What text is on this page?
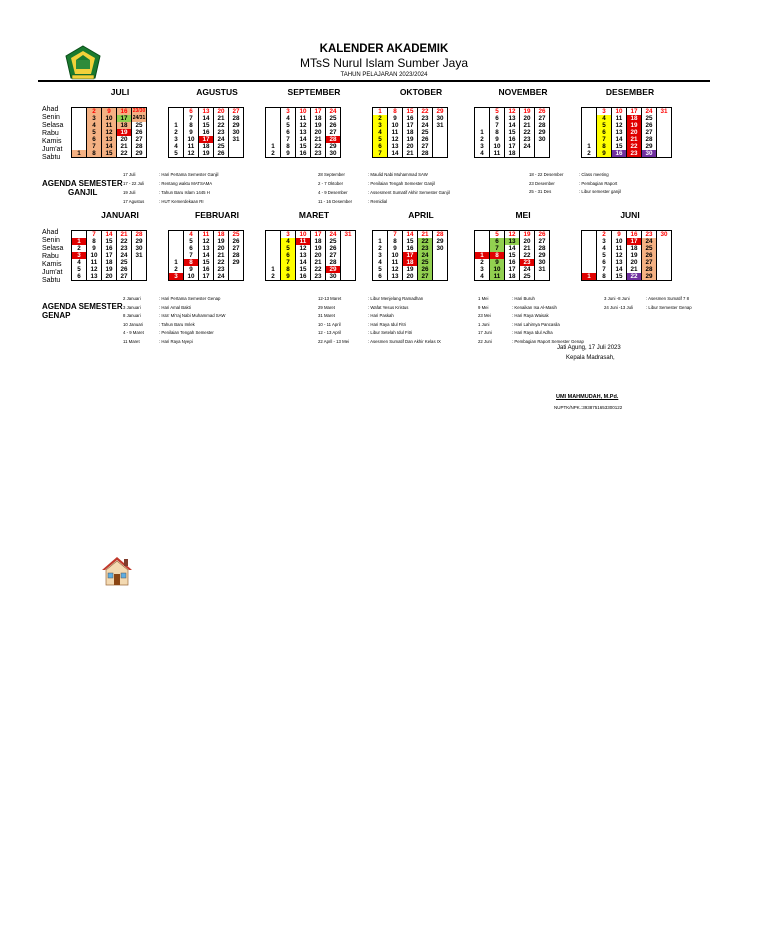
KALENDER AKADEMIK
MTsS Nurul Islam Sumber Jaya
TAHUN PELAJARAN 2023/2024
Ahad
Senin
Selasa
Rabu
Kamis
Jum'at
Sabtu
JULI
	2	9	16	23/30
	3	10	17	24/31
	4	11	18	25
	5	12	19	26
	6	13	20	27
	7	14	21	28
1	8	15	22	29
AGUSTUS
	6	13	20	27
	7	14	21	28
1	8	15	22	29
2	9	16	23	30
3	10	17	24	31
4	11	18	25	
5	12	19	26	
SEPTEMBER
	3	10	17	24
	4	11	18	25
	5	12	19	26
	6	13	20	27
	7	14	21	28
1	8	15	22	29
2	9	16	23	30
OKTOBER
1	8	15	22	29
2	9	16	23	30
3	10	17	24	31
4	11	18	25	
5	12	19	26	
6	13	20	27	
7	14	21	28	
NOVEMBER
	5	12	19	26
	6	13	20	27
	7	14	21	28
1	8	15	22	29
2	9	16	23	30
3	10	17	24	
4	11	18		
DESEMBER
	3	10	17	24	31
	4	11	18	25	
	5	12	19	26	
	6	13	20	27	
	7	14	21	28	
1	8	15	22	29	
2	9	16	23	30	
Ahad
Senin
Selasa
Rabu
Kamis
Jum'at
Sabtu
JANUARI
	7	14	21	28
1	8	15	22	29
2	9	16	23	30
3	10	17	24	31
4	11	18	25	
5	12	19	26	
6	13	20	27	
FEBRUARI
	4	11	18	25
	5	12	19	26
	6	13	20	27
	7	14	21	28
1	8	15	22	29
2	9	16	23	
3	10	17	24	
MARET
	3	10	17	24	31
	4	11	18	25	
	5	12	19	26	
	6	13	20	27	
	7	14	21	28	
1	8	15	22	29	
2	9	16	23	30	
APRIL
	7	14	21	28
1	8	15	22	29
2	9	16	23	30
3	10	17	24	
4	11	18	25	
5	12	19	26	
6	13	20	27	
MEI
	5	12	19	26
	6	13	20	27
	7	14	21	28
1	8	15	22	29
2	9	16	23	30
3	10	17	24	31
4	11	18	25	
JUNI
	2	9	16	23	30
	3	10	17	24	
	4	11	18	25	
	5	12	19	26	
	6	13	20	27	
	7	14	21	28	
1	8	15	22	29	
AGENDA SEMESTER
GANJIL
17 Juli	: Hari Pertama Semester Ganjil
17 - 22 Juli	: Rentang waktu MATSAMA
19 Juli	: Tahun Baru Islam 1445 H
17 Agustus	: HUT Kemerdekaan RI
28 September	: Maulid Nabi Muhammad SAW
2 - 7 Oktober	: Penilaian Tengah Semester Ganjil
4 - 9 Desember	: Assesment Sumatif Akhir Semester Ganjil
11 - 16 Desember	: Remidial
18 - 22 Desember	: Class meeting
23 Desember	: Pembagian Raport
25 - 31 Des	: Libur semester ganjil
AGENDA SEMESTER
GENAP
2 Januari	: Hari Pertama Semester Genap
3 Januari	: Hari Amal Bakti
8 Januari	: Isra' Mi'raj Nabi Muhammad SAW
10 Januari	: Tahun Baru Imlek
4 - 9 Maret	: Penilaian Tengah Semester
11 Maret	: Hari Raya Nyepi
12-13 Maret	: Libur Menjelang Ramadhan
29 Maret	: Wafat Yesus Kristus
31 Maret	: Hari Paskah
10 - 11 April	: Hari Raya Idul Fitri
12 - 13 April	: Libur Setelah Idul Fitri
22 April - 13 Mei	: Asesmen Sumatif Dan Akhir Kelas IX
1 Mei	: Hari Buruh
9 Mei	: Kenaikan Isa Al-Masih
23 Mei	: Hari Raya Waisak
1 Juni	: Hari Lahirnya Pancasila
17 Juni	: Hari Raya Idul Adha
22 Juni	: Pembagian Raport Semester Genap
3 Juni -8 Juni	: Asesmen Sumatif 7 8
24 Juni -13 Juli	: Libur Semester Genap
Jati Agung, 17 Juli 2023
Kepala Madrasah,
UMI MAHMUDAH, M.Pd.
NUPTK/NPK.:3938751653300122
